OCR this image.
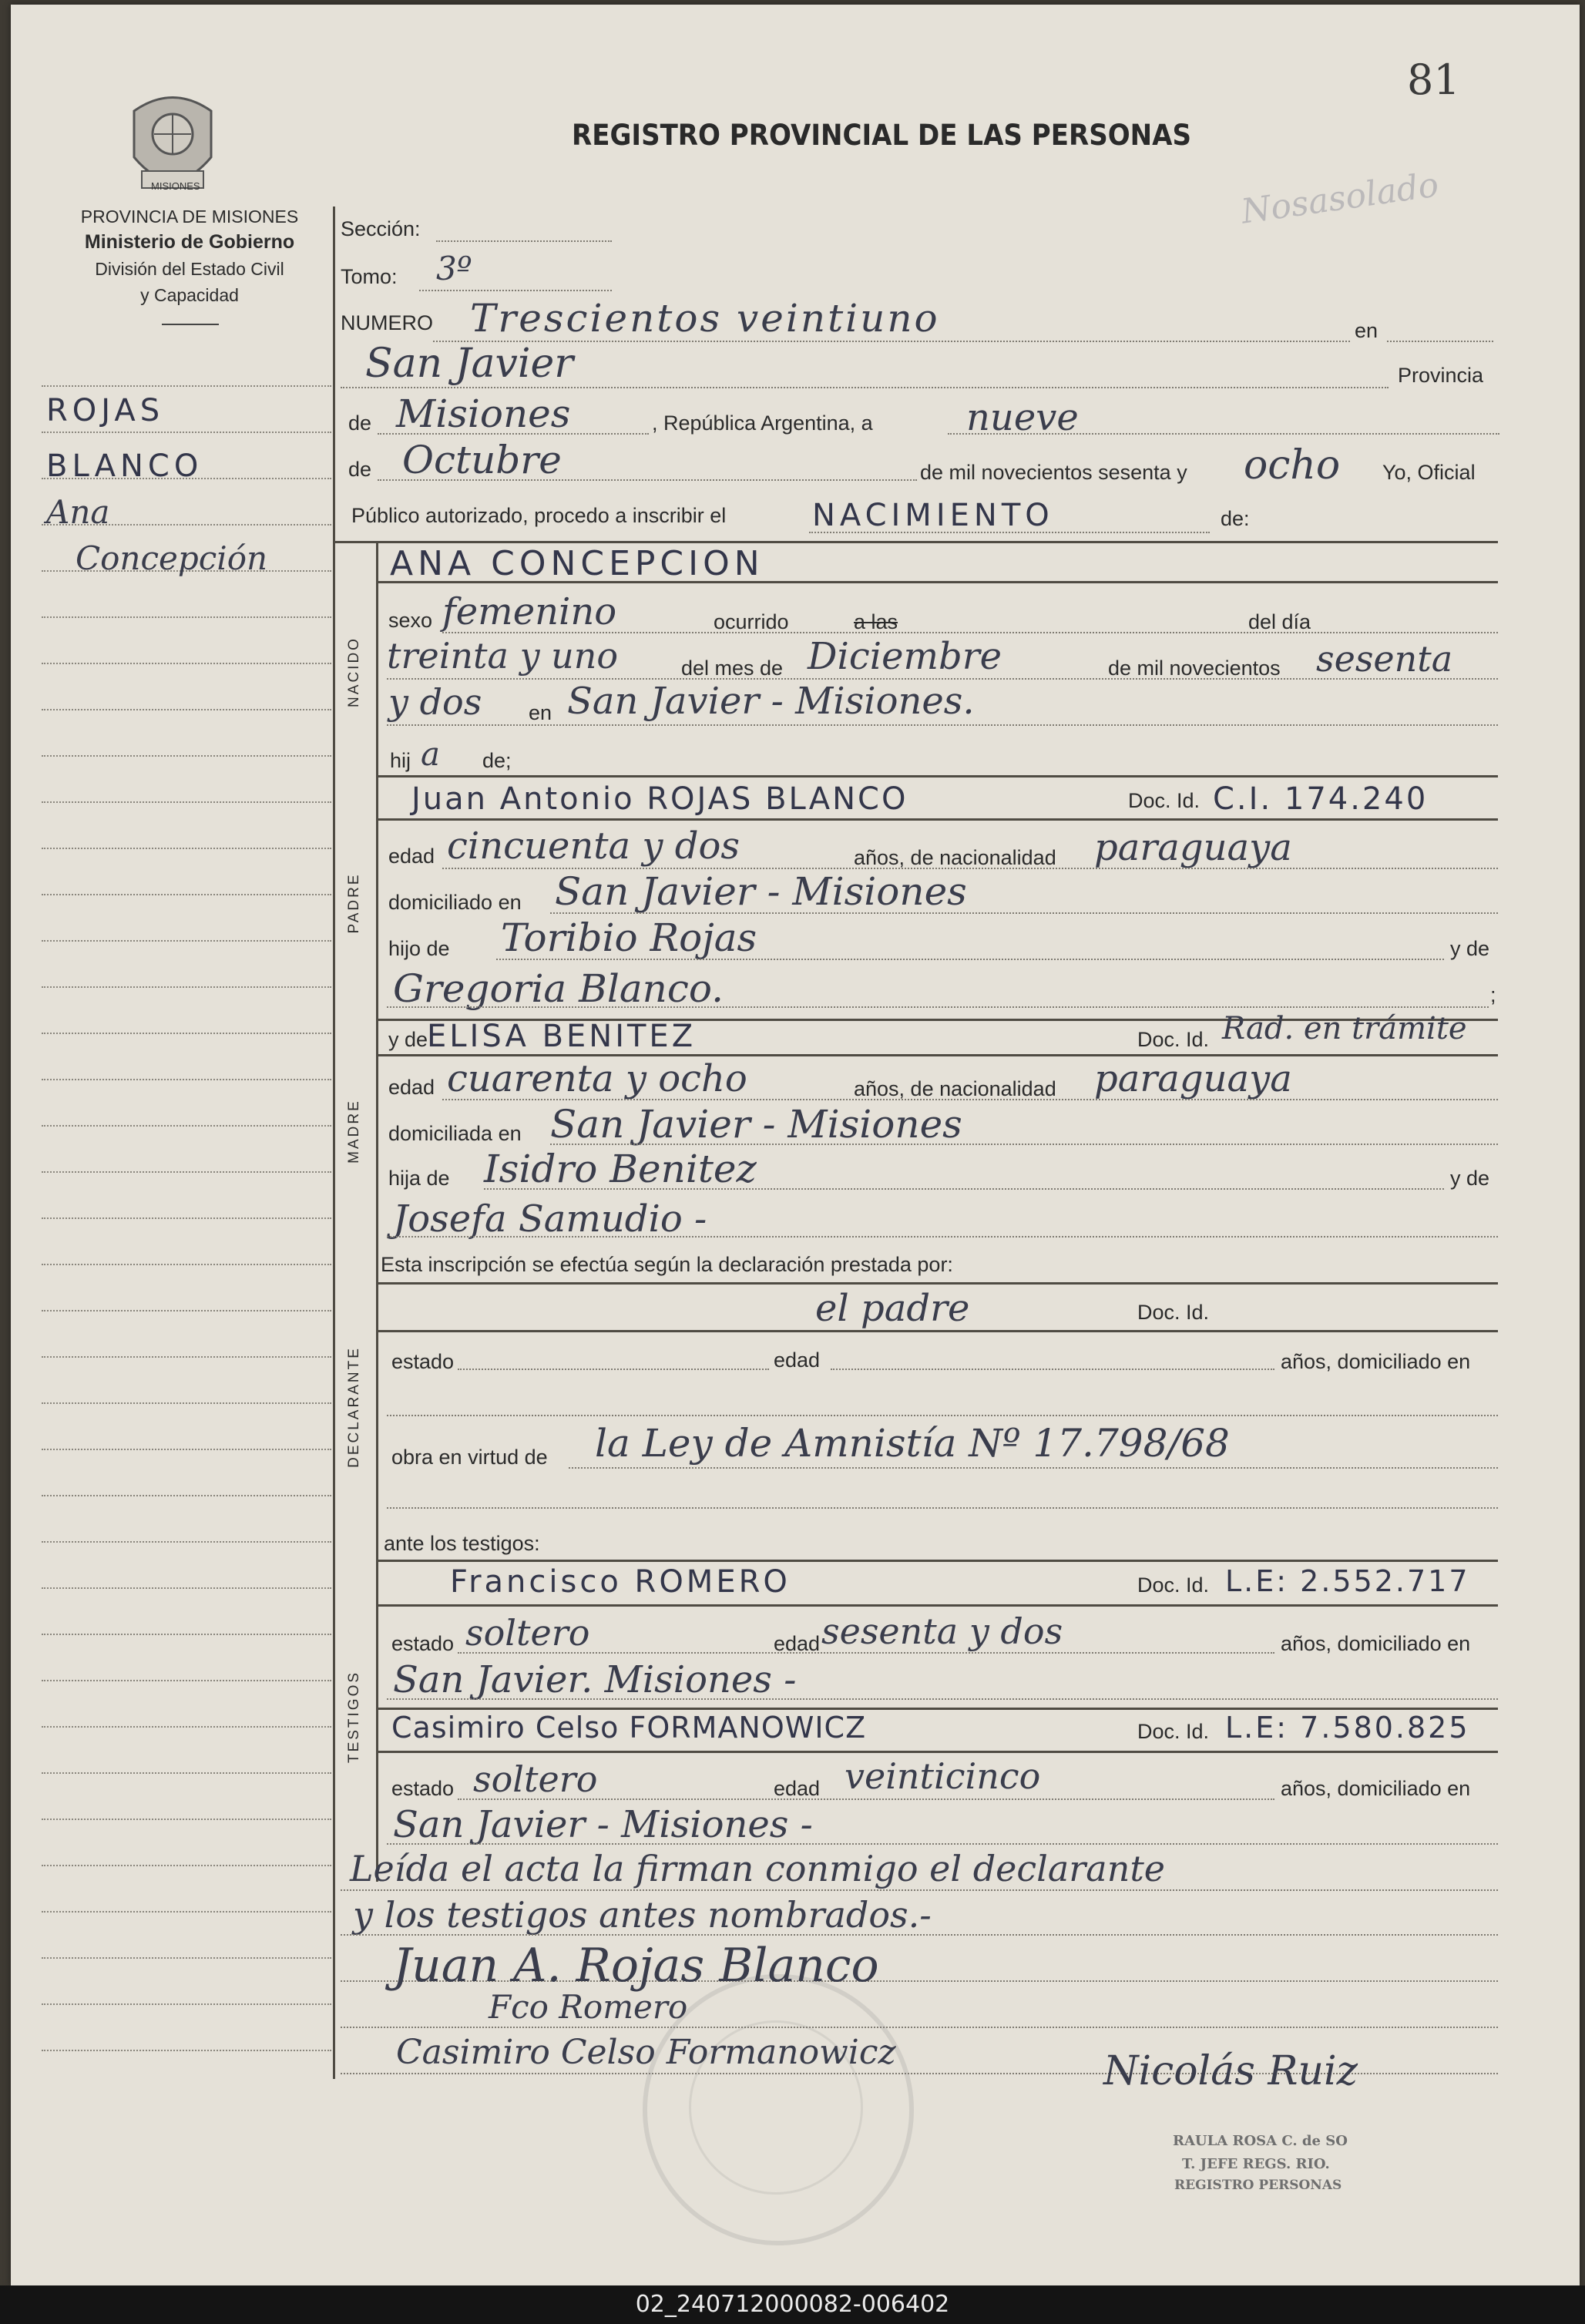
81
REGISTRO PROVINCIAL DE LAS PERSONAS
Nosasolado
MISIONES
PROVINCIA DE MISIONES
Ministerio de Gobierno
División del Estado Civil
y Capacidad
ROJAS
BLANCO
Ana
Concepción
Sección:
Tomo: 3º
NUMERO Trescientos veintiuno	en
San Javier	Provincia
de Misiones	, República Argentina, a	nueve
de Octubre	de mil novecientos sesenta y ocho Yo, Oficial
Público autorizado, procedo a inscribir el	NACIMIENTO	de:
ANA CONCEPCION
sexo femenino	ocurrido	a las	del día
treinta y uno	del mes de Diciembre	de mil novecientos sesenta
y dos en San Javier - Misiones.
hij a de;
Juan Antonio ROJAS BLANCO	Doc. Id. C.I. 174.240
edad cincuenta y dos	años, de nacionalidad paraguaya
domiciliado en San Javier - Misiones
hijo de Toribio Rojas	y de
Gregoria Blanco.	;
y de
ELISA BENITEZ	Doc. Id. Rad. en trámite
edad cuarenta y ocho	años, de nacionalidad paraguaya
domiciliada en San Javier - Misiones
hija de Isidro Benitez	y de
Josefa Samudio -
Esta inscripción se efectúa según la declaración prestada por:
el padre	Doc. Id.
estado	edad	años, domiciliado en
obra en virtud de la Ley de Amnistía Nº 17.798/68
ante los testigos:
Francisco ROMERO	Doc. Id. L.E: 2.552.717
estado soltero	edad sesenta y dos	años, domiciliado en
San Javier. Misiones -
Casimiro Celso FORMANOWICZ	Doc. Id. L.E: 7.580.825
estado soltero	edad veinticinco	años, domiciliado en
San Javier - Misiones -
Leída el acta la firman conmigo el declarante
y los testigos antes nombrados.-
NACIDO
PADRE
MADRE
DECLARANTE
TESTIGOS
Juan A. Rojas Blanco
Fco Romero
Casimiro Celso Formanowicz	Nicolás Ruiz
RAULA ROSA C. de SO
T. JEFE REGS. RIO.
REGISTRO PERSONAS
02_240712000082-006402
